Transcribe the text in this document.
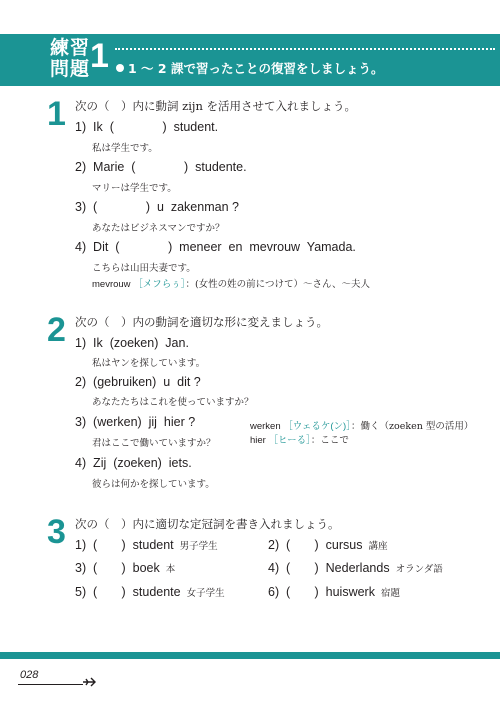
練習
問題 1 1 ～ 2 課で習ったことの復習をしましょう。
1 次の（　）内に動詞 zijn を活用させて入れましょう。
1)  Ik  (              )  student.
私は学生です。
2)  Marie  (              )  studente.
マリーは学生です。
3)  (              )  u  zakenman ?
あなたはビジネスマンですか？
4)  Dit  (              )  meneer  en  mevrouw  Yamada.
こちらは山田夫妻です。
mevrouw ［メフらぅ］：(女性の姓の前につけて）～さん、～夫人
2 次の（　）内の動詞を適切な形に変えましょう。
1)  Ik  (zoeken)  Jan.
私はヤンを探しています。
2)  (gebruiken)  u  dit ?
あなたたちはこれを使っていますか？
3)  (werken)  jij  hier ?
君はここで働いていますか？
werken ［ウェるケ(ン)］：働く（zoeken 型の活用）
hier ［ヒーる］：ここで
4)  Zij  (zoeken)  iets.
彼らは何かを探しています。
3 次の（　）内に適切な定冠詞を書き入れましょう。
1)  (       )  student 男子学生	2)  (       )  cursus 講座
3)  (       )  boek 本	4)  (       )  Nederlands オランダ語
5)  (       )  studente 女子学生	6)  (       )  huiswerk 宿題
028
